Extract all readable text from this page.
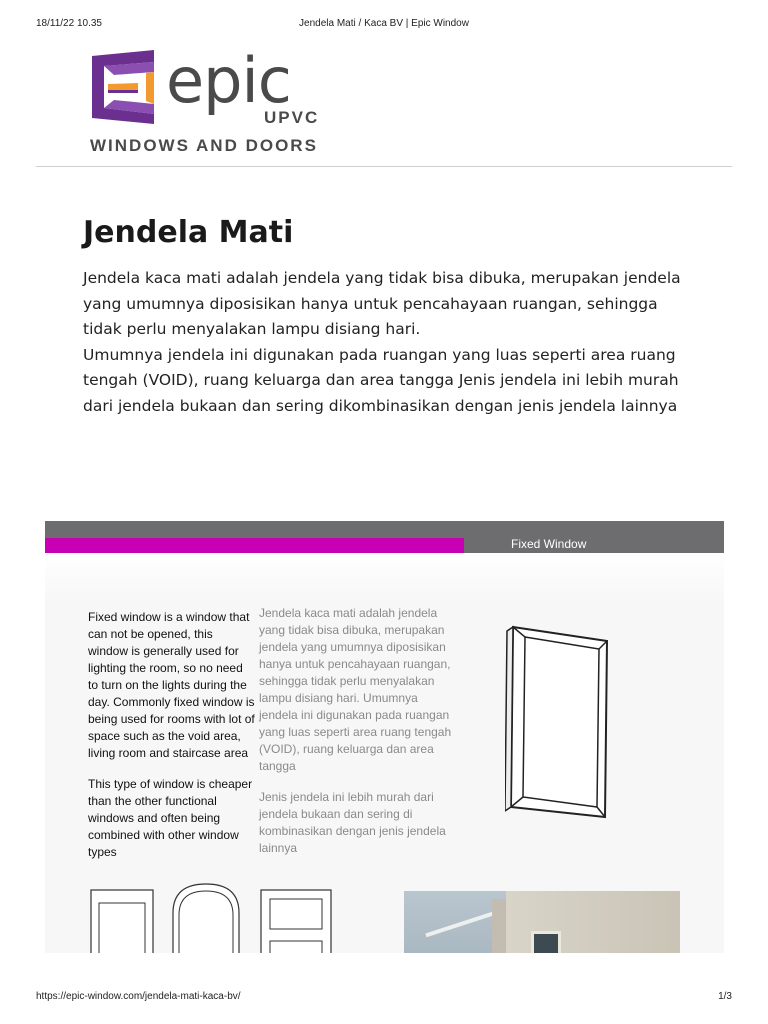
18/11/22 10.35	Jendela Mati / Kaca BV | Epic Window
epic
UPVC
WINDOWS AND DOORS
Jendela Mati

Jendela kaca mati adalah jendela yang tidak bisa dibuka, merupakan jendela yang umumnya diposisikan hanya untuk pencahayaan ruangan, sehingga tidak perlu menyalakan lampu disiang hari.

Umumnya jendela ini digunakan pada ruangan yang luas seperti area ruang tengah (VOID), ruang keluarga dan area tangga Jenis jendela ini lebih murah dari jendela bukaan dan sering dikombinasikan dengan jenis jendela lainnya

Fixed Window

Fixed window is a window that can not be opened, this window is generally used for lighting the room, so no need to turn on the lights during the day. Commonly fixed window is being used for rooms with lot of space such as the void area, living room and staircase area

This type of window is cheaper than the other functional windows and often being combined with other window types

Jendela kaca mati adalah jendela yang tidak bisa dibuka, merupakan jendela yang umumnya diposisikan hanya untuk pencahayaan ruangan, sehingga tidak perlu menyalakan lampu disiang hari. Umumnya jendela ini digunakan pada ruangan yang luas seperti area ruang tengah (VOID), ruang keluarga dan area tangga

Jenis jendela ini lebih murah dari jendela bukaan dan sering di kombinasikan dengan jenis jendela lainnya

https://epic-window.com/jendela-mati-kaca-bv/	1/3
